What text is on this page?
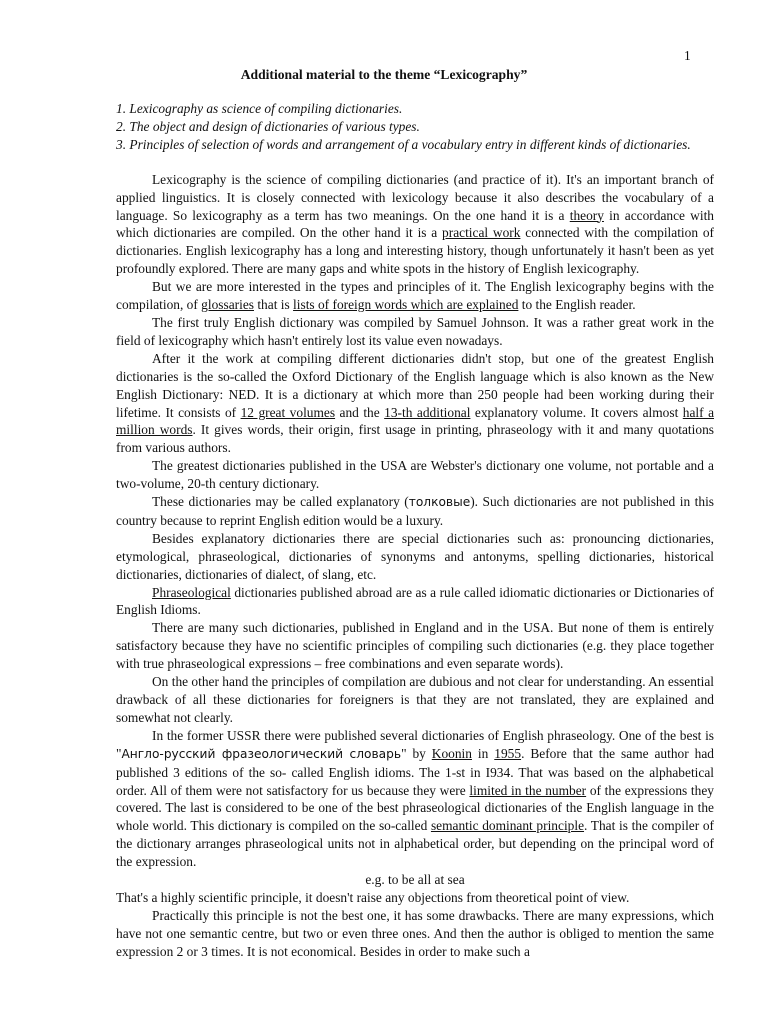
1
Additional material to the theme “Lexicography”

1. Lexicography as science of compiling dictionaries.

2. The object and design of dictionaries of various types.

3. Principles of selection of words and arrangement of a vocabulary entry in different kinds of dictionaries.

Lexicography is the science of compiling dictionaries (and practice of it). It's an important branch of applied linguistics. It is closely connected with lexicology because it also describes the vocabulary of a language. So lexicography as a term has two meanings. On the one hand it is a theory in accordance with which dictionaries are compiled. On the other hand it is a practical work connected with the compilation of dictionaries. English lexicography has a long and interesting history, though unfortunately it hasn't been as yet profoundly explored. There are many gaps and white spots in the history of English lexicography.

But we are more interested in the types and principles of it. The English lexicography begins with the compilation, of glossaries that is lists of foreign words which are explained to the English reader.

The first truly English dictionary was compiled by Samuel Johnson. It was a rather great work in the field of lexicography which hasn't entirely lost its value even nowadays.

After it the work at compiling different dictionaries didn't stop, but one of the greatest English dictionaries is the so-called the Oxford Dictionary of the English language which is also known as the New English Dictionary: NED. It is a dictionary at which more than 250 people had been working during their lifetime. It consists of 12 great volumes and the 13-th additional explanatory volume. It covers almost half a million words. It gives words, their origin, first usage in printing, phraseology with it and many quotations from various authors.

The greatest dictionaries published in the USA are Webster's dictionary one volume, not portable and a two-volume, 20-th century dictionary.

These dictionaries may be called explanatory (толковые). Such dictionaries are not published in this country because to reprint English edition would be a luxury.

Besides explanatory dictionaries there are special dictionaries such as: pronouncing dictionaries, etymological, phraseological, dictionaries of synonyms and antonyms, spelling dictionaries, historical dictionaries, dictionaries of dialect, of slang, etc.

Phraseological dictionaries published abroad are as a rule called idiomatic dictionaries or Dictionaries of English Idioms.

There are many such dictionaries, published in England and in the USA. But none of them is entirely satisfactory because they have no scientific principles of compiling such dictionaries (e.g. they place together with true phraseological expressions – free combinations and even separate words).

On the other hand the principles of compilation are dubious and not clear for understanding. An essential drawback of all these dictionaries for foreigners is that they are not translated, they are explained and somewhat not clearly.

In the former USSR there were published several dictionaries of English phraseology. One of the best is "Англо-русский фразеологический словарь" by Koonin in 1955. Before that the same author had published 3 editions of the so- called English idioms. The 1-st in I934. That was based on the alphabetical order. All of them were not satisfactory for us because they were limited in the number of the expressions they covered. The last is considered to be one of the best phraseological dictionaries of the English language in the whole world. This dictionary is compiled on the so-called semantic dominant principle. That is the compiler of the dictionary arranges phraseological units not in alphabetical order, but depending on the principal word of the expression.

e.g. to be all at sea

That's a highly scientific principle, it doesn't raise any objections from theoretical point of view.

Practically this principle is not the best one, it has some drawbacks. There are many expressions, which have not one semantic centre, but two or even three ones. And then the author is obliged to mention the same expression 2 or 3 times. It is not economical. Besides in order to make such a
